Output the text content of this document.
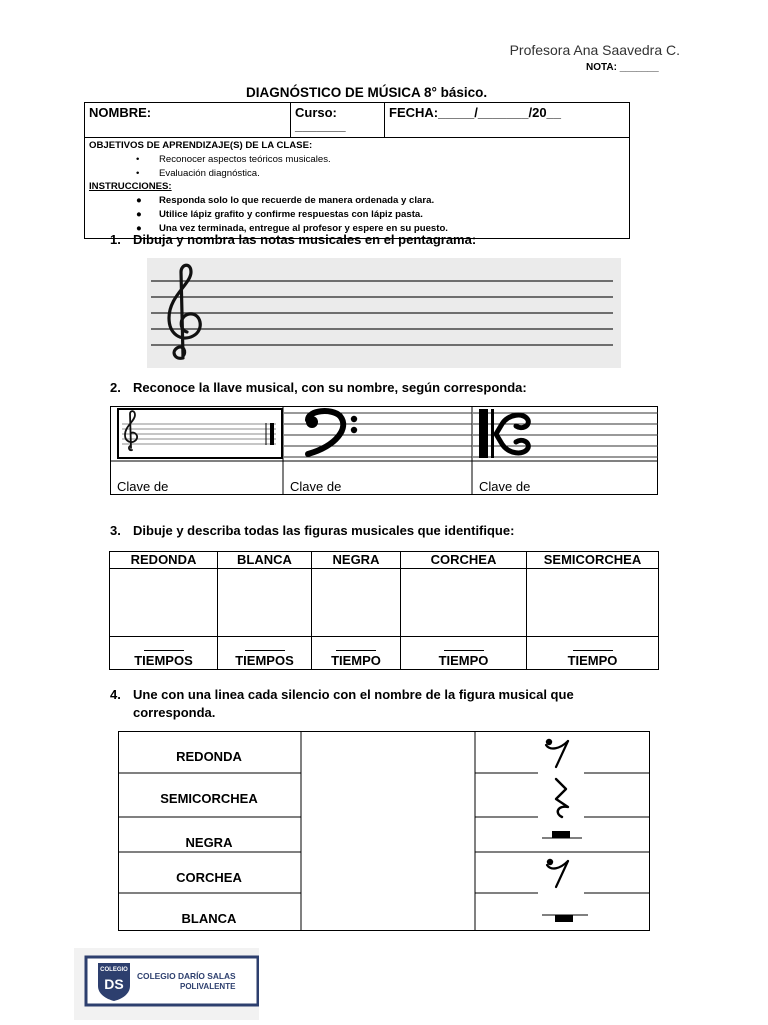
Profesora Ana Saavedra C.
NOTA: _______
DIAGNÓSTICO DE MÚSICA 8° básico.
NOMBRE:	Curso:
_______
FECHA:_____/_______/20__
OBJETIVOS DE APRENDIZAJE(S) DE LA CLASE:
• Reconocer aspectos teóricos musicales.
• Evaluación diagnóstica.
INSTRUCCIONES:
● Responda solo lo que recuerde de manera ordenada y clara.
● Utilice lápiz grafito y confirme respuestas con lápiz pasta.
● Una vez terminada, entregue al profesor y espere en su puesto.
1. Dibuja y nombra las notas musicales en el pentagrama:
2. Reconoce la llave musical, con su nombre, según corresponda:
Clave de	Clave de	Clave de
3. Dibuje y describa todas las figuras musicales que identifique:
REDONDA	BLANCA	NEGRA	CORCHEA	SEMICORCHEA

TIEMPOS	TIEMPOS	TIEMPO	TIEMPO	TIEMPO
4. Une con una linea cada silencio con el nombre de la figura musical que
corresponda.
REDONDA
SEMICORCHEA
NEGRA
CORCHEA
BLANCA
COLEGIO
DS COLEGIO DARÍO SALAS
POLIVALENTE
